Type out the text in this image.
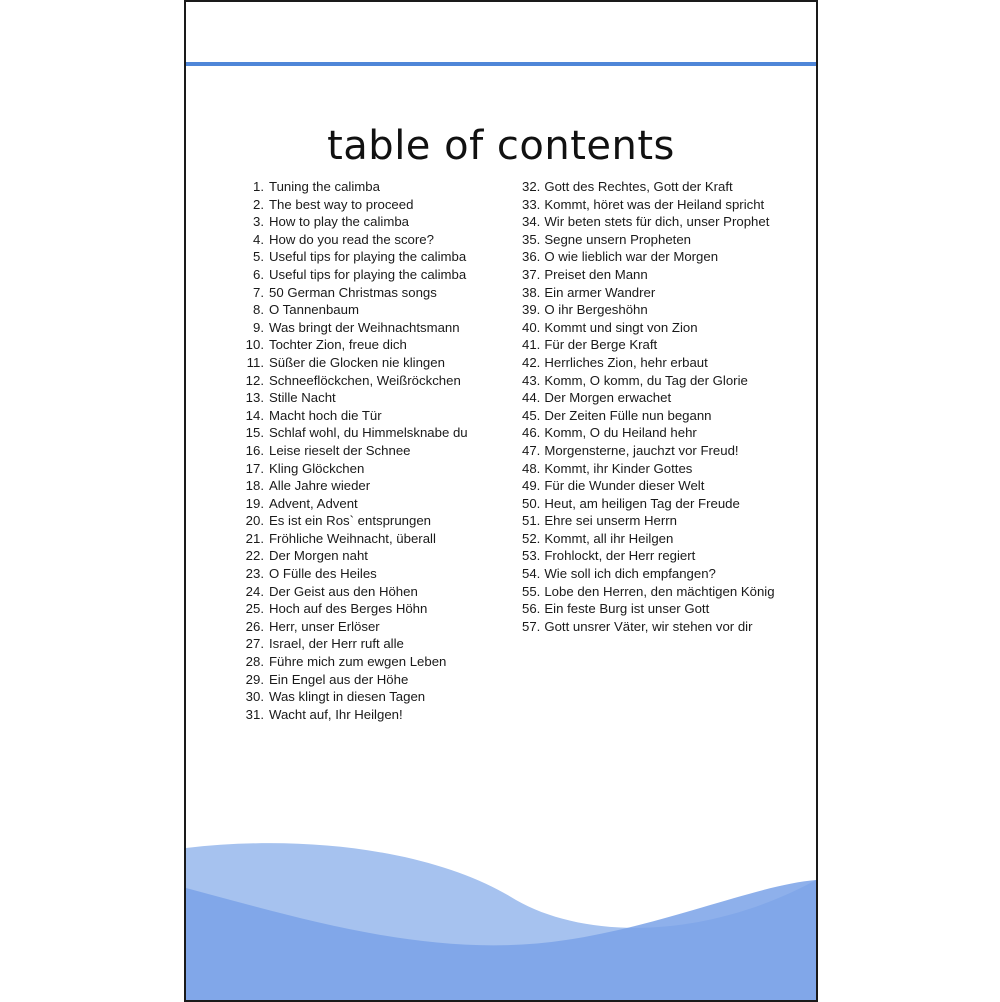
table of contents
1. Tuning the calimba
2. The best way to proceed
3. How to play the calimba
4. How do you read the score?
5. Useful tips for playing the calimba
6. Useful tips for playing the calimba
7. 50 German Christmas songs
8. O Tannenbaum
9. Was bringt der Weihnachtsmann
10. Tochter Zion, freue dich
11. Süßer die Glocken nie klingen
12. Schneeflöckchen, Weißröckchen
13. Stille Nacht
14. Macht hoch die Tür
15. Schlaf wohl, du Himmelsknabe du
16. Leise rieselt der Schnee
17. Kling Glöckchen
18. Alle Jahre wieder
19. Advent, Advent
20. Es ist ein Ros` entsprungen
21. Fröhliche Weihnacht, überall
22. Der Morgen naht
23. O Fülle des Heiles
24. Der Geist aus den Höhen
25. Hoch auf des Berges Höhn
26. Herr, unser Erlöser
27. Israel, der Herr ruft alle
28. Führe mich zum ewgen Leben
29. Ein Engel aus der Höhe
30. Was klingt in diesen Tagen
31. Wacht auf, Ihr Heilgen!
32. Gott des Rechtes, Gott der Kraft
33. Kommt, höret was der Heiland spricht
34. Wir beten stets für dich, unser Prophet
35. Segne unsern Propheten
36. O wie lieblich war der Morgen
37. Preiset den Mann
38. Ein armer Wandrer
39. O ihr Bergeshöhn
40. Kommt und singt von Zion
41. Für der Berge Kraft
42. Herrliches Zion, hehr erbaut
43. Komm, O komm, du Tag der Glorie
44. Der Morgen erwachet
45. Der Zeiten Fülle nun begann
46. Komm, O du Heiland hehr
47. Morgensterne, jauchzt vor Freud!
48. Kommt, ihr Kinder Gottes
49. Für die Wunder dieser Welt
50. Heut, am heiligen Tag der Freude
51. Ehre sei unserm Herrn
52. Kommt, all ihr Heilgen
53. Frohlockt, der Herr regiert
54. Wie soll ich dich empfangen?
55. Lobe den Herren, den mächtigen König
56. Ein feste Burg ist unser Gott
57. Gott unsrer Väter, wir stehen vor dir
